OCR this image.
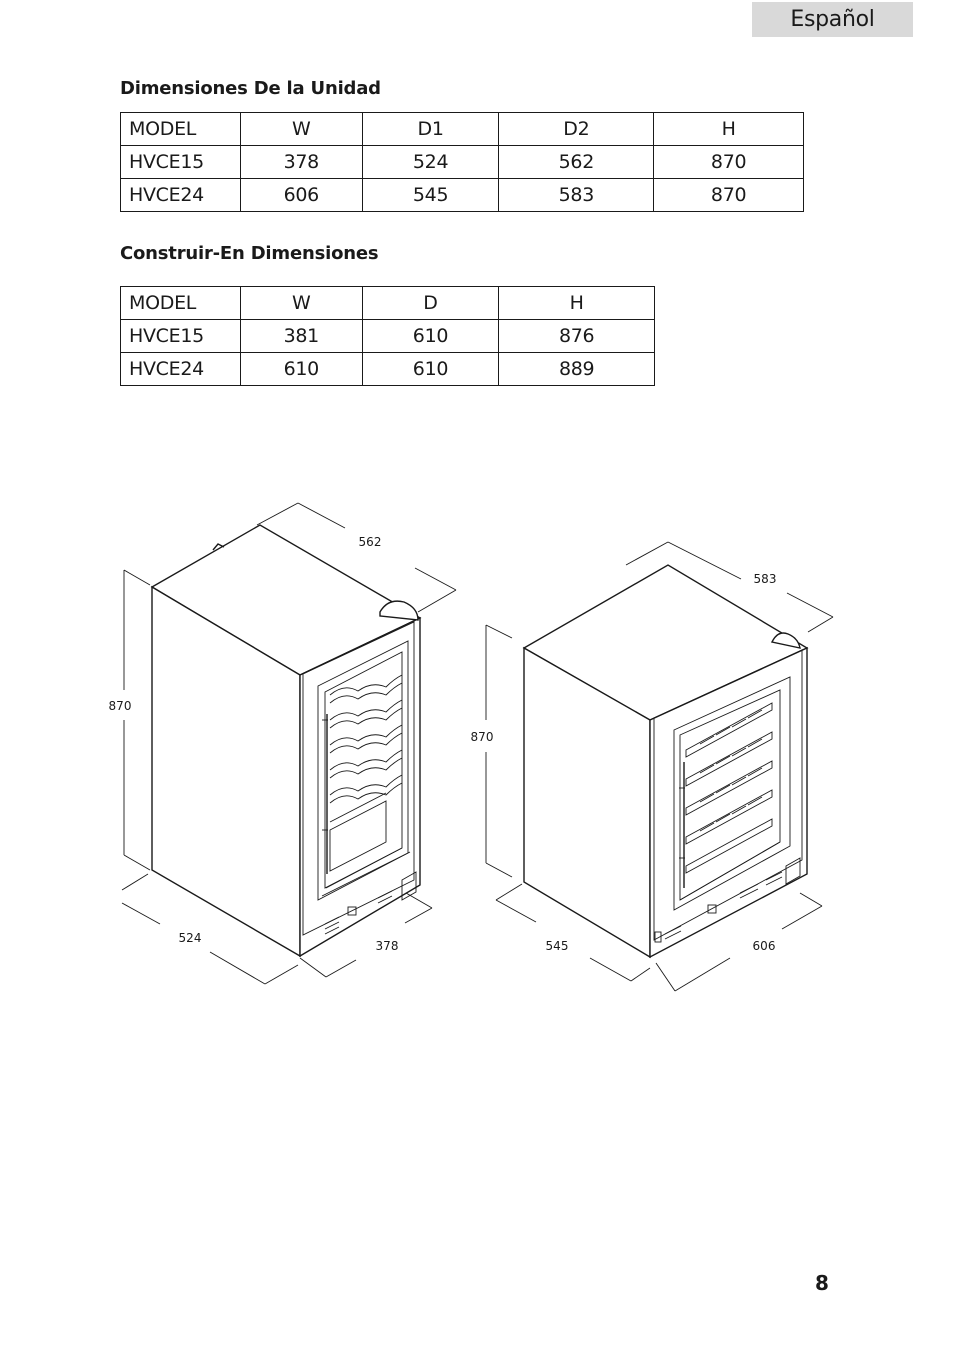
Español
Dimensiones De la Unidad
MODEL	W	D1	D2	H
HVCE15	378	524	562	870
HVCE24	606	545	583	870
Construir-En Dimensiones
MODEL	W	D	H
HVCE15	381	610	876
HVCE24	610	610	889
562
870
524
378
583
870
545	606
8
